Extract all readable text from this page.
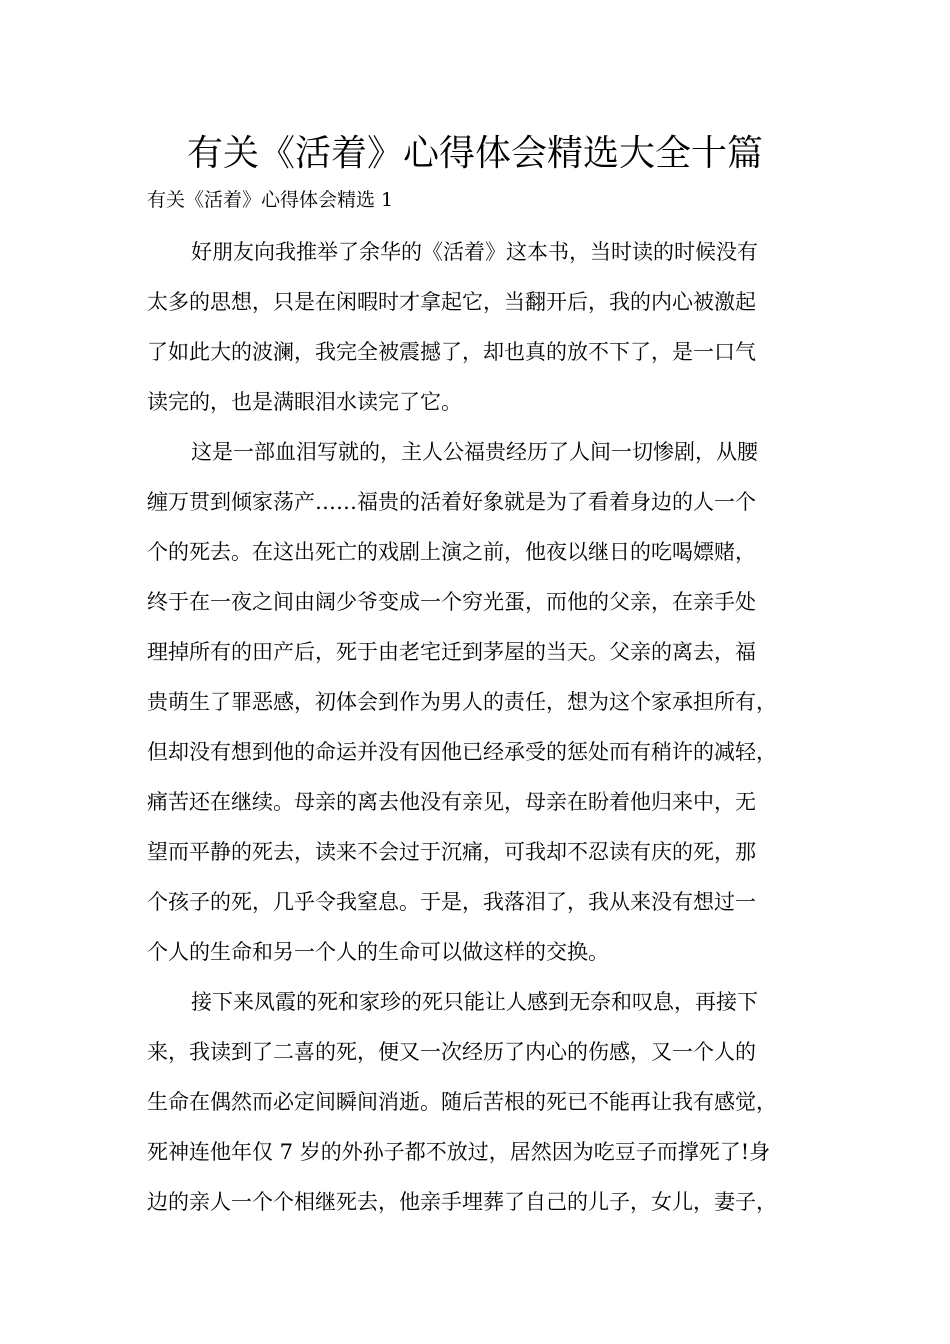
有关《活着》心得体会精选大全十篇
有关《活着》心得体会精选 1
好朋友向我推举了余华的《活着》这本书，当时读的时候没有
太多的思想，只是在闲暇时才拿起它，当翻开后，我的内心被激起
了如此大的波澜，我完全被震撼了，却也真的放不下了，是一口气
读完的，也是满眼泪水读完了它。
这是一部血泪写就的，主人公福贵经历了人间一切惨剧，从腰
缠万贯到倾家荡产……福贵的活着好象就是为了看着身边的人一个
个的死去。在这出死亡的戏剧上演之前，他夜以继日的吃喝嫖赌，
终于在一夜之间由阔少爷变成一个穷光蛋，而他的父亲，在亲手处
理掉所有的田产后，死于由老宅迁到茅屋的当天。父亲的离去，福
贵萌生了罪恶感，初体会到作为男人的责任，想为这个家承担所有，
但却没有想到他的命运并没有因他已经承受的惩处而有稍许的减轻，
痛苦还在继续。母亲的离去他没有亲见，母亲在盼着他归来中，无
望而平静的死去，读来不会过于沉痛，可我却不忍读有庆的死，那
个孩子的死，几乎令我窒息。于是，我落泪了，我从来没有想过一
个人的生命和另一个人的生命可以做这样的交换。
接下来凤霞的死和家珍的死只能让人感到无奈和叹息，再接下
来，我读到了二喜的死，便又一次经历了内心的伤感，又一个人的
生命在偶然而必定间瞬间消逝。随后苦根的死已不能再让我有感觉，
死神连他年仅 7 岁的外孙子都不放过，居然因为吃豆子而撑死了!身
边的亲人一个个相继死去，他亲手埋葬了自己的儿子，女儿，妻子，
